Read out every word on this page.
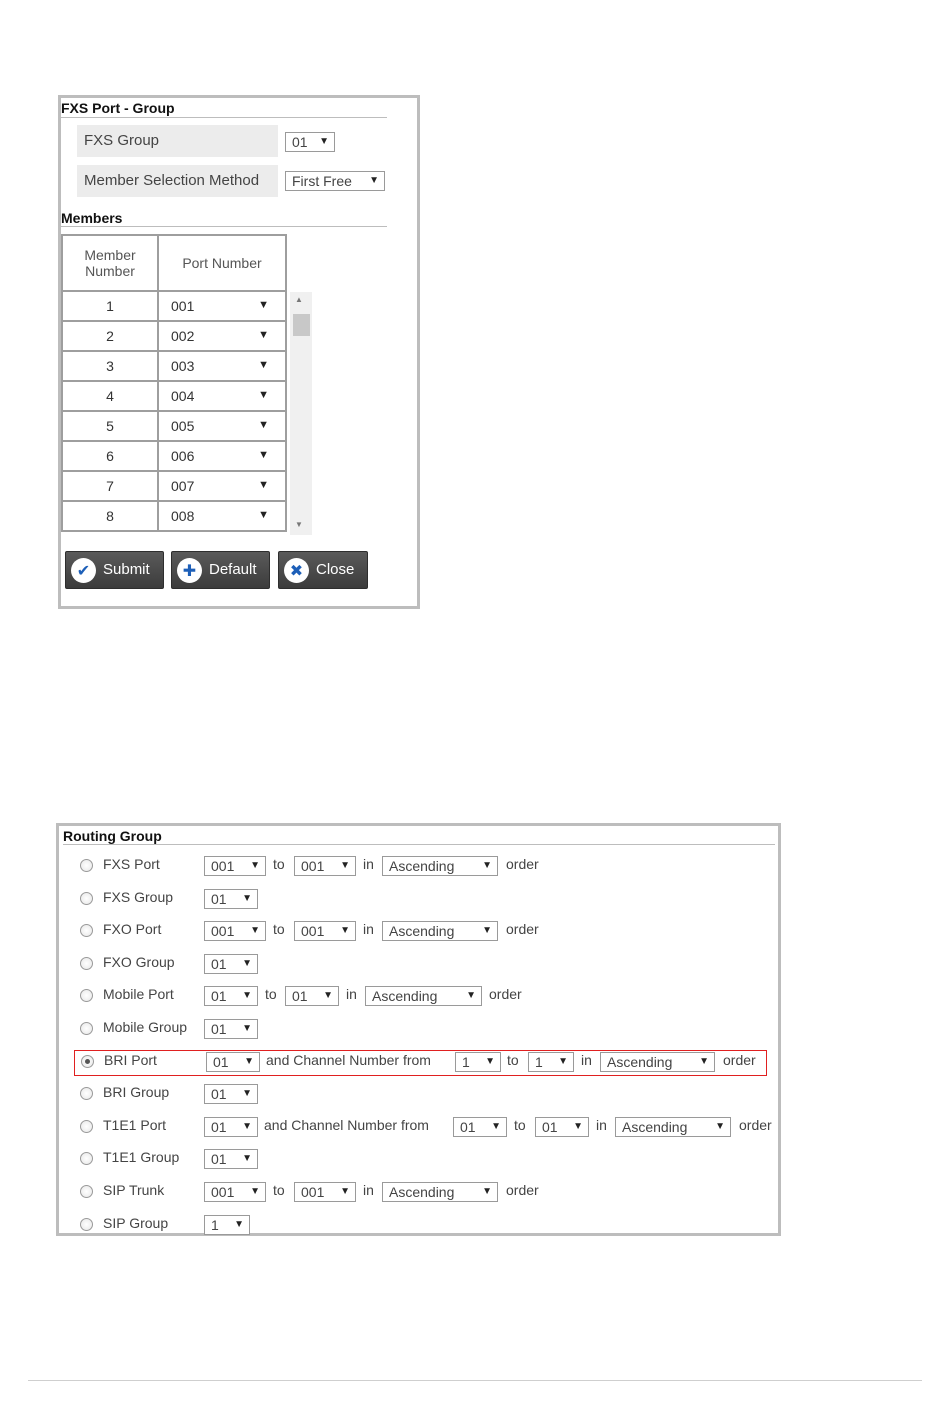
FXS Port - Group
FXS Group	01 ▼
Member Selection Method	First Free ▼
Members
Member Number	Port Number
1	001 ▼

2	002 ▼

3	003 ▼

4	004 ▼

5	005 ▼

6	006 ▼

7	007 ▼

8	008 ▼
▲
▼
✔ Submit	✚ Default	✖ Close
Routing Group
FXS Port	001 ▼ to	001 ▼ in	Ascending	▼ order
FXS Group	01 ▼
FXO Port	001 ▼ to	001 ▼ in	Ascending	▼ order
FXO Group	01 ▼
Mobile Port	01 ▼ to	01 ▼ in	Ascending	▼ order
Mobile Group	01 ▼
BRI Port	01 ▼ and Channel Number from	1 ▼ to	1 ▼ in	Ascending	▼ order
BRI Group	01 ▼
T1E1 Port	01 ▼ and Channel Number from	01 ▼ to	01 ▼ in	Ascending	▼ order
T1E1 Group	01 ▼
SIP Trunk	001 ▼ to	001 ▼ in	Ascending	▼ order
SIP Group	1 ▼
